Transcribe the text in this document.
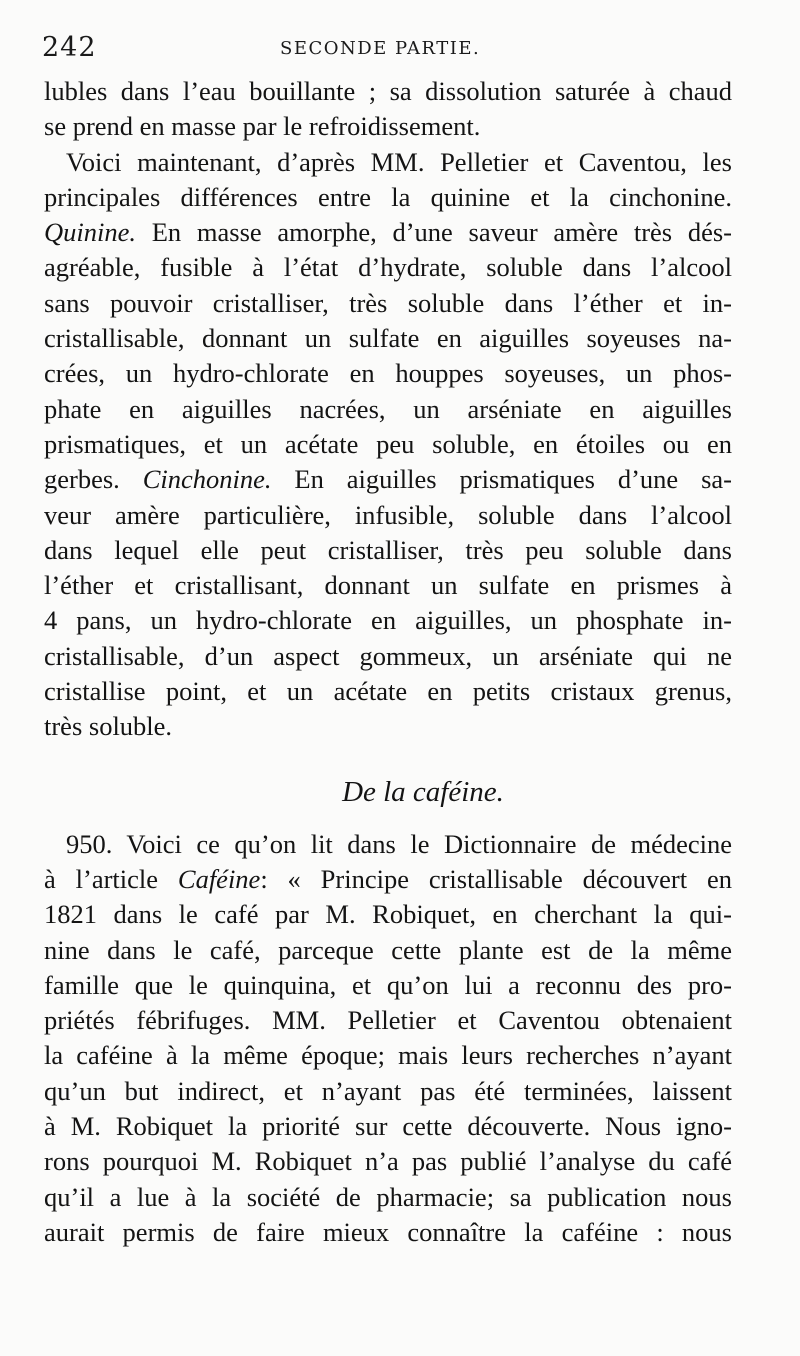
242	SECONDE PARTIE.
lubles dans l’eau bouillante ; sa dissolution saturée à chaud
se prend en masse par le refroidissement.
Voici maintenant, d’après MM. Pelletier et Caventou, les
principales différences entre la quinine et la cinchonine.
Quinine. En masse amorphe, d’une saveur amère très dés-
agréable, fusible à l’état d’hydrate, soluble dans l’alcool
sans pouvoir cristalliser, très soluble dans l’éther et in-
cristallisable, donnant un sulfate en aiguilles soyeuses na-
crées, un hydro-chlorate en houppes soyeuses, un phos-
phate en aiguilles nacrées, un arséniate en aiguilles
prismatiques, et un acétate peu soluble, en étoiles ou en
gerbes. Cinchonine. En aiguilles prismatiques d’une sa-
veur amère particulière, infusible, soluble dans l’alcool
dans lequel elle peut cristalliser, très peu soluble dans
l’éther et cristallisant, donnant un sulfate en prismes à
4 pans, un hydro-chlorate en aiguilles, un phosphate in-
cristallisable, d’un aspect gommeux, un arséniate qui ne
cristallise point, et un acétate en petits cristaux grenus,
très soluble.
De la caféine.
950. Voici ce qu’on lit dans le Dictionnaire de médecine
à l’article Caféine: « Principe cristallisable découvert en
1821 dans le café par M. Robiquet, en cherchant la qui-
nine dans le café, parceque cette plante est de la même
famille que le quinquina, et qu’on lui a reconnu des pro-
priétés fébrifuges. MM. Pelletier et Caventou obtenaient
la caféine à la même époque; mais leurs recherches n’ayant
qu’un but indirect, et n’ayant pas été terminées, laissent
à M. Robiquet la priorité sur cette découverte. Nous igno-
rons pourquoi M. Robiquet n’a pas publié l’analyse du café
qu’il a lue à la société de pharmacie; sa publication nous
aurait permis de faire mieux connaître la caféine : nous
